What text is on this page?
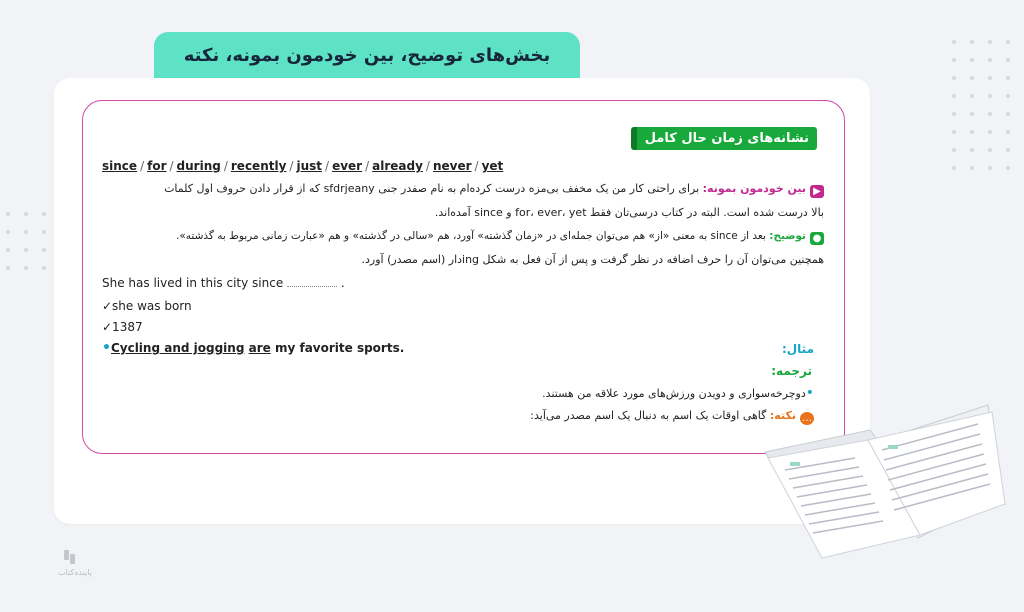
بخش‌های توضیح، بین خودمون بمونه، نکته
نشانه‌های زمان حال کامل
since / for / during / recently / just / ever / already / never / yet
▶بین خودمون بمونه: برای راحتی کار من یک مخفف بی‌مزه درست کرده‌ام به نام صفدر جنی sfdrjeany که از قرار دادن حروف اول کلمات
بالا درست شده است. البته در کتاب درسی‌تان فقط for، ever، yet و since آمده‌اند.
●توضیح: بعد از since به معنی «از» هم می‌توان جمله‌ای در «زمان گذشته» آورد، هم «سالی در گذشته» و هم «عبارت زمانی مربوط به گذشته».
همچنین می‌توان آن را حرف اضافه در نظر گرفت و پس از آن فعل به شکل ingدار (اسم مصدر) آورد.
She has lived in this city since	.
✓she was born
✓1387
•Cycling and jogging are my favorite sports.	مثال:
ترجمه:
•دوچرخه‌سواری و دویدن ورزش‌های مورد علاقه من هستند.
…نکته: گاهی اوقات یک اسم به دنبال یک اسم مصدر می‌آید:
پاینده‌کتاب
